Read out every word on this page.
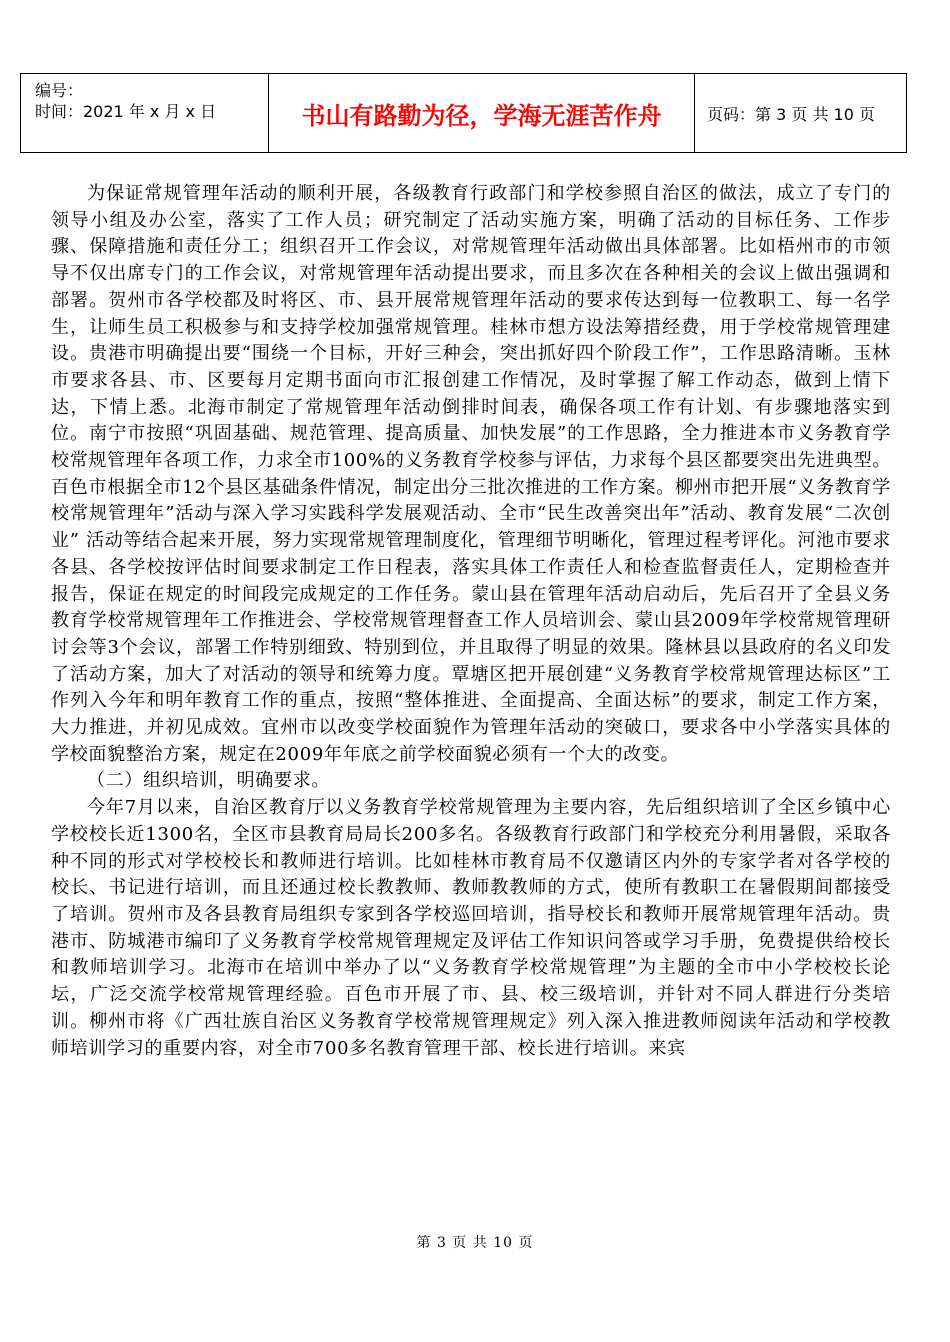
编号：
时间：2021 年 x 月 x 日	书山有路勤为径，学海无涯苦作舟	页码：第 3 页 共 10 页

为保证常规管理年活动的顺利开展，各级教育行政部门和学校参照自治区的做法，成立了专门的领导小组及办公室，落实了工作人员；研究制定了活动实施方案，明确了活动的目标任务、工作步骤、保障措施和责任分工；组织召开工作会议，对常规管理年活动做出具体部署。比如梧州市的市领导不仅出席专门的工作会议，对常规管理年活动提出要求，而且多次在各种相关的会议上做出强调和部署。贺州市各学校都及时将区、市、县开展常规管理年活动的要求传达到每一位教职工、每一名学生，让师生员工积极参与和支持学校加强常规管理。桂林市想方设法筹措经费，用于学校常规管理建设。贵港市明确提出要“围绕一个目标，开好三种会，突出抓好四个阶段工作”，工作思路清晰。玉林市要求各县、市、区要每月定期书面向市汇报创建工作情况，及时掌握了解工作动态，做到上情下达，下情上悉。北海市制定了常规管理年活动倒排时间表，确保各项工作有计划、有步骤地落实到位。南宁市按照“巩固基础、规范管理、提高质量、加快发展”的工作思路，全力推进本市义务教育学校常规管理年各项工作，力求全市100%的义务教育学校参与评估，力求每个县区都要突出先进典型。百色市根据全市12个县区基础条件情况，制定出分三批次推进的工作方案。柳州市把开展“义务教育学校常规管理年”活动与深入学习实践科学发展观活动、全市“民生改善突出年”活动、教育发展“二次创业” 活动等结合起来开展，努力实现常规管理制度化，管理细节明晰化，管理过程考评化。河池市要求各县、各学校按评估时间要求制定工作日程表，落实具体工作责任人和检查监督责任人，定期检查并报告，保证在规定的时间段完成规定的工作任务。蒙山县在管理年活动启动后，先后召开了全县义务教育学校常规管理年工作推进会、学校常规管理督查工作人员培训会、蒙山县2009年学校常规管理研讨会等3个会议，部署工作特别细致、特别到位，并且取得了明显的效果。隆林县以县政府的名义印发了活动方案，加大了对活动的领导和统筹力度。覃塘区把开展创建“义务教育学校常规管理达标区”工作列入今年和明年教育工作的重点，按照“整体推进、全面提高、全面达标”的要求，制定工作方案，大力推进，并初见成效。宜州市以改变学校面貌作为管理年活动的突破口，要求各中小学落实具体的学校面貌整治方案，规定在2009年年底之前学校面貌必须有一个大的改变。

（二）组织培训，明确要求。

今年7月以来，自治区教育厅以义务教育学校常规管理为主要内容，先后组织培训了全区乡镇中心学校校长近1300名，全区市县教育局局长200多名。各级教育行政部门和学校充分利用暑假，采取各种不同的形式对学校校长和教师进行培训。比如桂林市教育局不仅邀请区内外的专家学者对各学校的校长、书记进行培训，而且还通过校长教教师、教师教教师的方式，使所有教职工在暑假期间都接受了培训。贺州市及各县教育局组织专家到各学校巡回培训，指导校长和教师开展常规管理年活动。贵港市、防城港市编印了义务教育学校常规管理规定及评估工作知识问答或学习手册，免费提供给校长和教师培训学习。北海市在培训中举办了以“义务教育学校常规管理”为主题的全市中小学校校长论坛，广泛交流学校常规管理经验。百色市开展了市、县、校三级培训，并针对不同人群进行分类培训。柳州市将《广西壮族自治区义务教育学校常规管理规定》列入深入推进教师阅读年活动和学校教师培训学习的重要内容，对全市700多名教育管理干部、校长进行培训。来宾

第 3 页 共 10 页
